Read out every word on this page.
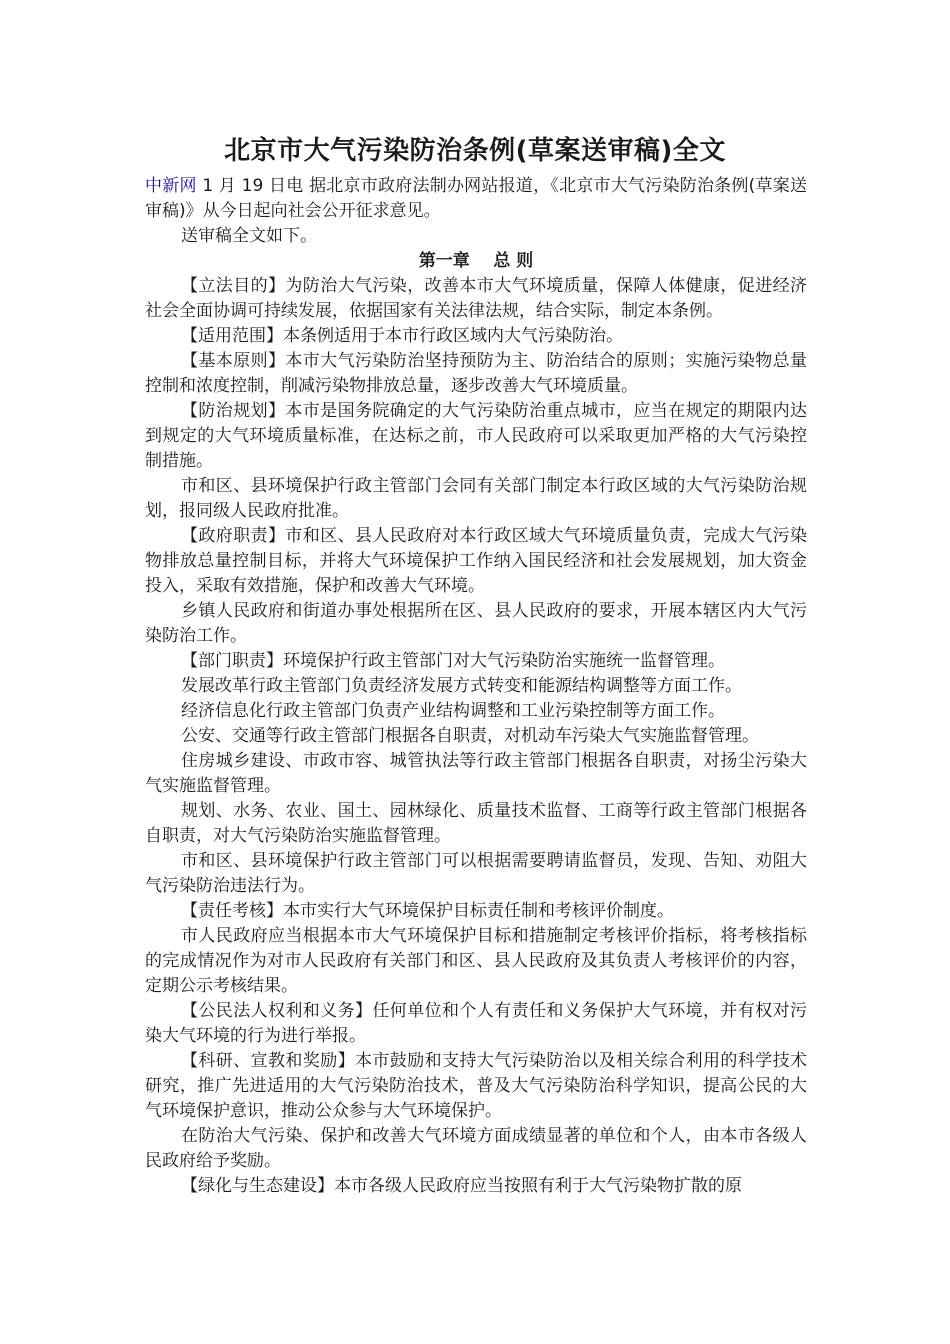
北京市大气污染防治条例(草案送审稿)全文

中新网 1 月 19 日电 据北京市政府法制办网站报道，《北京市大气污染防治条例(草案送审稿)》从今日起向社会公开征求意见。

送审稿全文如下。

第一章    总 则

【立法目的】为防治大气污染，改善本市大气环境质量，保障人体健康，促进经济社会全面协调可持续发展，依据国家有关法律法规，结合实际，制定本条例。

【适用范围】本条例适用于本市行政区域内大气污染防治。

【基本原则】本市大气污染防治坚持预防为主、防治结合的原则；实施污染物总量控制和浓度控制，削减污染物排放总量，逐步改善大气环境质量。

【防治规划】本市是国务院确定的大气污染防治重点城市，应当在规定的期限内达到规定的大气环境质量标准，在达标之前，市人民政府可以采取更加严格的大气污染控制措施。

市和区、县环境保护行政主管部门会同有关部门制定本行政区域的大气污染防治规划，报同级人民政府批准。

【政府职责】市和区、县人民政府对本行政区域大气环境质量负责，完成大气污染物排放总量控制目标，并将大气环境保护工作纳入国民经济和社会发展规划，加大资金投入，采取有效措施，保护和改善大气环境。

乡镇人民政府和街道办事处根据所在区、县人民政府的要求，开展本辖区内大气污染防治工作。

【部门职责】环境保护行政主管部门对大气污染防治实施统一监督管理。

发展改革行政主管部门负责经济发展方式转变和能源结构调整等方面工作。

经济信息化行政主管部门负责产业结构调整和工业污染控制等方面工作。

公安、交通等行政主管部门根据各自职责，对机动车污染大气实施监督管理。

住房城乡建设、市政市容、城管执法等行政主管部门根据各自职责，对扬尘污染大气实施监督管理。

规划、水务、农业、国土、园林绿化、质量技术监督、工商等行政主管部门根据各自职责，对大气污染防治实施监督管理。

市和区、县环境保护行政主管部门可以根据需要聘请监督员，发现、告知、劝阻大气污染防治违法行为。

【责任考核】本市实行大气环境保护目标责任制和考核评价制度。

市人民政府应当根据本市大气环境保护目标和措施制定考核评价指标，将考核指标的完成情况作为对市人民政府有关部门和区、县人民政府及其负责人考核评价的内容，定期公示考核结果。

【公民法人权利和义务】任何单位和个人有责任和义务保护大气环境，并有权对污染大气环境的行为进行举报。

【科研、宣教和奖励】本市鼓励和支持大气污染防治以及相关综合利用的科学技术研究，推广先进适用的大气污染防治技术，普及大气污染防治科学知识，提高公民的大气环境保护意识，推动公众参与大气环境保护。

在防治大气污染、保护和改善大气环境方面成绩显著的单位和个人，由本市各级人民政府给予奖励。

【绿化与生态建设】本市各级人民政府应当按照有利于大气污染物扩散的原
